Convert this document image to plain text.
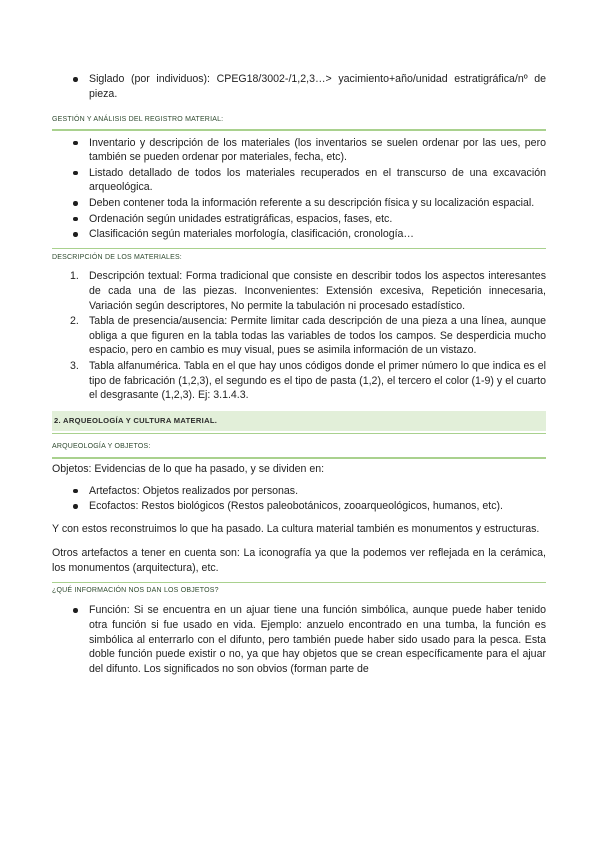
Siglado (por individuos): CPEG18/3002-/1,2,3…> yacimiento+año/unidad estratigráfica/nº de pieza.
GESTIÓN Y ANÁLISIS DEL REGISTRO MATERIAL:
Inventario y descripción de los materiales (los inventarios se suelen ordenar por las ues, pero también se pueden ordenar por materiales, fecha, etc).
Listado detallado de todos los materiales recuperados en el transcurso de una excavación arqueológica.
Deben contener toda la información referente a su descripción física y su localización espacial.
Ordenación según unidades estratigráficas, espacios, fases, etc.
Clasificación según materiales morfología, clasificación, cronología…
DESCRIPCIÓN DE LOS MATERIALES:
1. Descripción textual: Forma tradicional que consiste en describir todos los aspectos interesantes de cada una de las piezas. Inconvenientes: Extensión excesiva, Repetición innecesaria, Variación según descriptores, No permite la tabulación ni procesado estadístico.
2. Tabla de presencia/ausencia: Permite limitar cada descripción de una pieza a una línea, aunque obliga a que figuren en la tabla todas las variables de todos los campos. Se desperdicia mucho espacio, pero en cambio es muy visual, pues se asimila información de un vistazo.
3. Tabla alfanumérica. Tabla en el que hay unos códigos donde el primer número lo que indica es el tipo de fabricación (1,2,3), el segundo es el tipo de pasta (1,2), el tercero el color (1-9) y el cuarto el desgrasante (1,2,3). Ej: 3.1.4.3.
2. ARQUEOLOGÍA Y CULTURA MATERIAL.
ARQUEOLOGÍA Y OBJETOS:
Objetos: Evidencias de lo que ha pasado, y se dividen en:
Artefactos: Objetos realizados por personas.
Ecofactos: Restos biológicos (Restos paleobotánicos, zooarqueológicos, humanos, etc).
Y con estos reconstruimos lo que ha pasado. La cultura material también es monumentos y estructuras.
Otros artefactos a tener en cuenta son: La iconografía ya que la podemos ver reflejada en la cerámica, los monumentos (arquitectura), etc.
¿QUÉ INFORMACIÓN NOS DAN LOS OBJETOS?
Función: Si se encuentra en un ajuar tiene una función simbólica, aunque puede haber tenido otra función si fue usado en vida. Ejemplo: anzuelo encontrado en una tumba, la función es simbólica al enterrarlo con el difunto, pero también puede haber sido usado para la pesca. Esta doble función puede existir o no, ya que hay objetos que se crean específicamente para el ajuar del difunto. Los significados no son obvios (forman parte de
